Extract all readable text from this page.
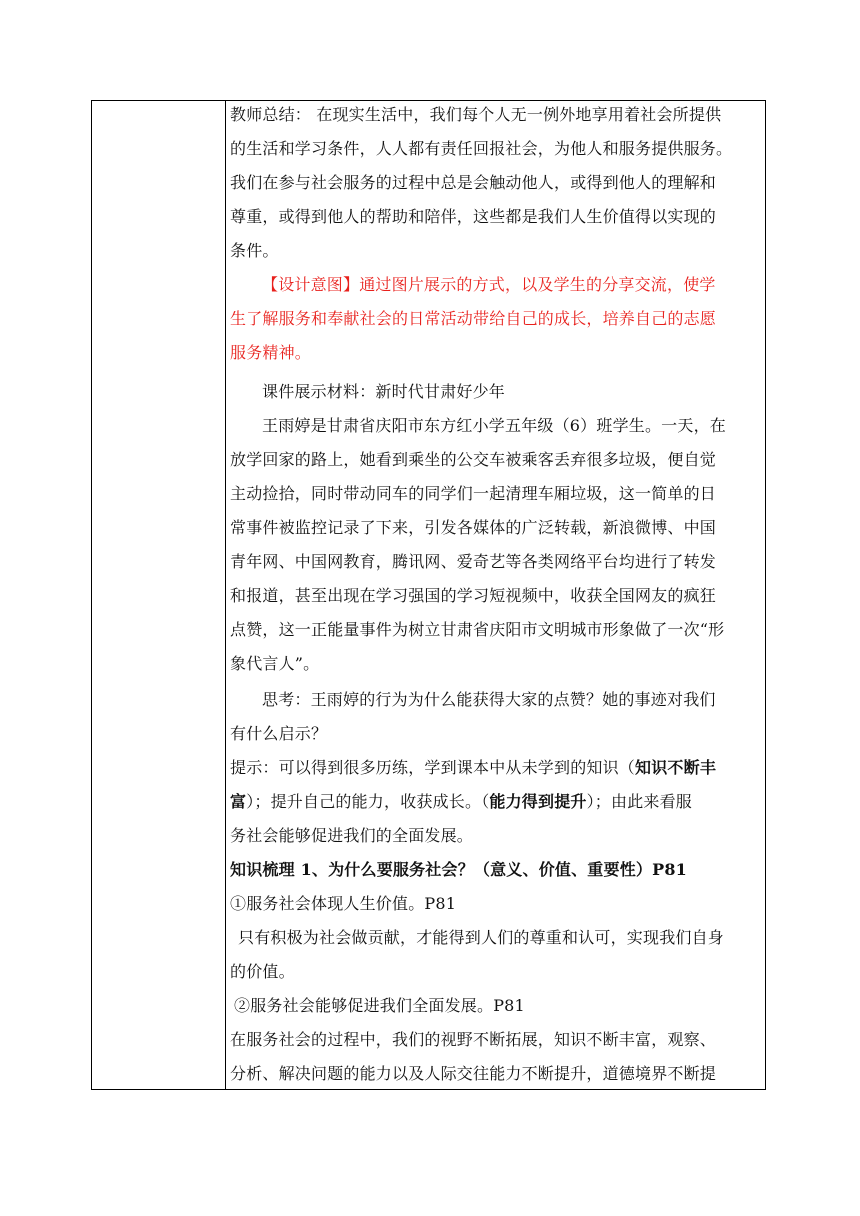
教师总结： 在现实生活中，我们每个人无一例外地享用着社会所提供
的生活和学习条件，人人都有责任回报社会，为他人和服务提供服务。
我们在参与社会服务的过程中总是会触动他人，或得到他人的理解和
尊重，或得到他人的帮助和陪伴，这些都是我们人生价值得以实现的
条件。
【设计意图】通过图片展示的方式，以及学生的分享交流，使学
生了解服务和奉献社会的日常活动带给自己的成长，培养自己的志愿
服务精神。
课件展示材料：新时代甘肃好少年
王雨婷是甘肃省庆阳市东方红小学五年级（6）班学生。一天，在
放学回家的路上，她看到乘坐的公交车被乘客丢弃很多垃圾，便自觉
主动捡拾，同时带动同车的同学们一起清理车厢垃圾，这一简单的日
常事件被监控记录了下来，引发各媒体的广泛转载，新浪微博、中国
青年网、中国网教育，腾讯网、爱奇艺等各类网络平台均进行了转发
和报道，甚至出现在学习强国的学习短视频中，收获全国网友的疯狂
点赞，这一正能量事件为树立甘肃省庆阳市文明城市形象做了一次“形
象代言人”。
思考：王雨婷的行为为什么能获得大家的点赞？她的事迹对我们
有什么启示？
提示：可以得到很多历练，学到课本中从未学到的知识（知识不断丰
富）；提升自己的能力，收获成长。（能力得到提升）；由此来看服
务社会能够促进我们的全面发展。
知识梳理 1、为什么要服务社会？（意义、价值、重要性）P81
①服务社会体现人生价值。P81
只有积极为社会做贡献，才能得到人们的尊重和认可，实现我们自身
的价值。
②服务社会能够促进我们全面发展。P81
在服务社会的过程中，我们的视野不断拓展，知识不断丰富，观察、
分析、解决问题的能力以及人际交往能力不断提升，道德境界不断提
